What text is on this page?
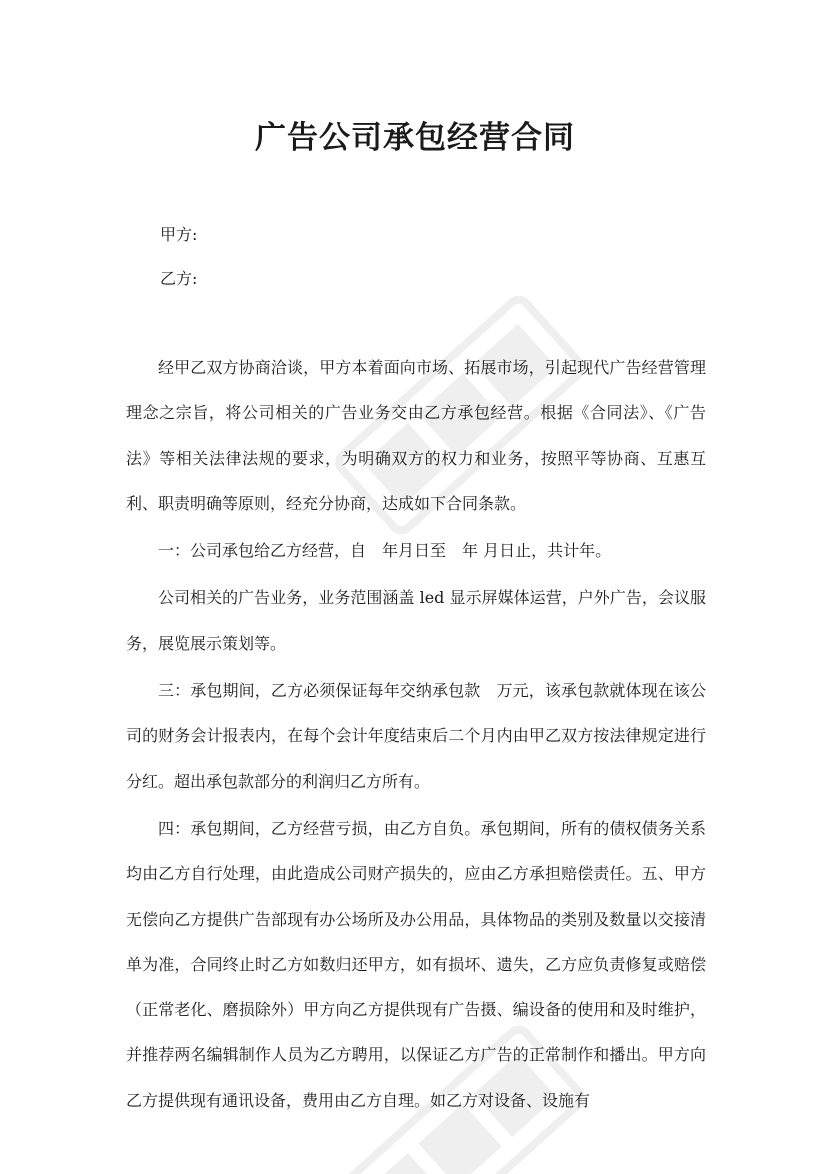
广告公司承包经营合同

甲方:

乙方:

经甲乙双方协商洽谈，甲方本着面向市场、拓展市场，引起现代广告经营管理理念之宗旨，将公司相关的广告业务交由乙方承包经营。根据《合同法》、《广告法》等相关法律法规的要求，为明确双方的权力和业务，按照平等协商、互惠互利、职责明确等原则，经充分协商，达成如下合同条款。

一：公司承包给乙方经营，自　年月日至　年 月日止，共计年。

公司相关的广告业务，业务范围涵盖 led 显示屏媒体运营，户外广告，会议服务，展览展示策划等。

三：承包期间，乙方必须保证每年交纳承包款　万元，该承包款就体现在该公司的财务会计报表内，在每个会计年度结束后二个月内由甲乙双方按法律规定进行分红。超出承包款部分的利润归乙方所有。

四：承包期间，乙方经营亏损，由乙方自负。承包期间，所有的债权债务关系均由乙方自行处理，由此造成公司财产损失的，应由乙方承担赔偿责任。五、甲方无偿向乙方提供广告部现有办公场所及办公用品，具体物品的类别及数量以交接清单为准，合同终止时乙方如数归还甲方，如有损坏、遗失，乙方应负责修复或赔偿（正常老化、磨损除外）甲方向乙方提供现有广告摄、编设备的使用和及时维护，并推荐两名编辑制作人员为乙方聘用，以保证乙方广告的正常制作和播出。甲方向乙方提供现有通讯设备，费用由乙方自理。如乙方对设备、设施有
